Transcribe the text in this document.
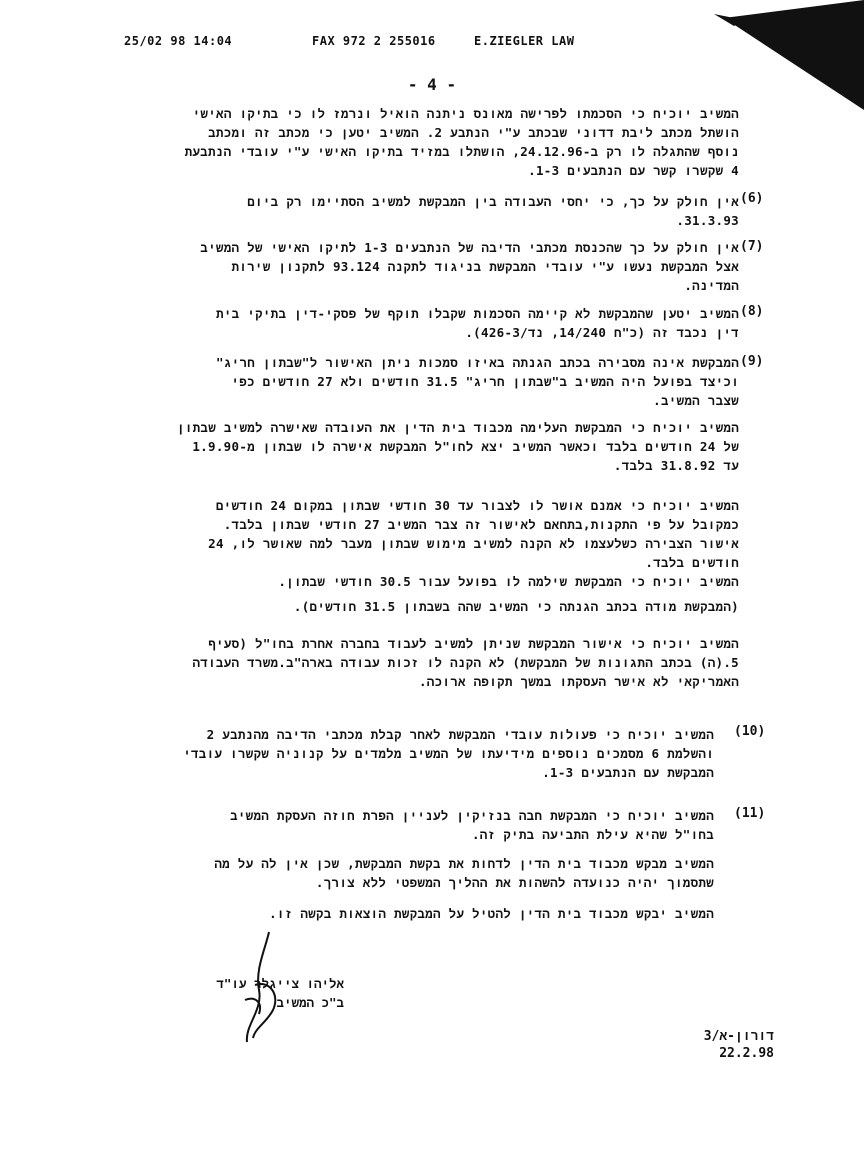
25/02 98 14:04	FAX 972 2 255016	E.ZIEGLER LAW
- 4 -
המשיב יוכיח כי הסכמתו לפרישה מאונס ניתנה הואיל ונרמז לו כי בתיקו האישי
הושתל מכתב ליבת דדוני שבכתב ע"י הנתבע 2. המשיב יטען כי מכתב זה ומכתב
נוסף שהתגלה לו רק ב-24.12.96, הושתלו במזיד בתיקו האישי ע"י עובדי הנתבעת
4 שקשרו קשר עם הנתבעים 1-3.
(6)
אין חולק על כך, כי יחסי העבודה בין המבקשת למשיב הסתיימו רק ביום
31.3.93.
(7)
אין חולק על כך שהכנסת מכתבי הדיבה של הנתבעים 1-3 לתיקו האישי של המשיב
אצל המבקשת נעשו ע"י עובדי המבקשת בניגוד לתקנה 93.124 לתקנון שירות
המדינה.
(8)
המשיב יטען שהמבקשת לא קיימה הסכמות שקבלו תוקף של פסקי-דין בתיקי בית
דין נכבד זה (כ"ח 14/240, נד/426-3).
(9)
המבקשת אינה מסבירה בכתב הגנתה באיזו סמכות ניתן האישור ל"שבתון חריג"
וכיצד בפועל היה המשיב ב"שבתון חריג" 31.5 חודשים ולא 27 חודשים כפי
שצבר המשיב.
המשיב יוכיח כי המבקשת העלימה מכבוד בית הדין את העובדה שאישרה למשיב שבתון
של 24 חודשים בלבד וכאשר המשיב יצא לחו"ל המבקשת אישרה לו שבתון מ-1.9.90
עד 31.8.92 בלבד.
המשיב יוכיח כי אמנם אושר לו לצבור עד 30 חודשי שבתון במקום 24 חודשים
כמקובל על פי התקנות,בתחאם לאישור זה צבר המשיב 27 חודשי שבתון בלבד.
אישור הצבירה כשלעצמו לא הקנה למשיב מימוש שבתון מעבר למה שאושר לו, 24
חודשים בלבד.
המשיב יוכיח כי המבקשת שילמה לו בפועל עבור 30.5 חודשי שבתון.
(המבקשת מודה בכתב הגנתה כי המשיב שהה בשבתון 31.5 חודשים).
המשיב יוכיח כי אישור המבקשת שניתן למשיב לעבוד בחברה אחרת בחו"ל (סעיף
5.(ה) בכתב התגונות של המבקשת) לא הקנה לו זכות עבודה בארה"ב.משרד העבודה
האמריקאי לא אישר העסקתו במשך תקופה ארוכה.
(10)
המשיב יוכיח כי פעולות עובדי המבקשת לאחר קבלת מכתבי הדיבה מהנתבע 2
והשלמת 6 מסמכים נוספים מידיעתו של המשיב מלמדים על קנוניה שקשרו עובדי
המבקשת עם הנתבעים 1-3.
(11)
המשיב יוכיח כי המבקשת חבה בנזיקין לעניין הפרת חוזה העסקת המשיב
בחו"ל שהיא עילת התביעה בתיק זה.
המשיב מבקש מכבוד בית הדין לדחות את בקשת המבקשת, שכן אין לה על מה
שתסמוך יהיה כנועדה להשהות את ההליך המשפטי ללא צורך.
המשיב יבקש מכבוד בית הדין להטיל על המבקשת הוצאות בקשה זו.
אליהו צייגלר עו"ד
ב"כ המשיב
דורון-א/3
22.2.98
